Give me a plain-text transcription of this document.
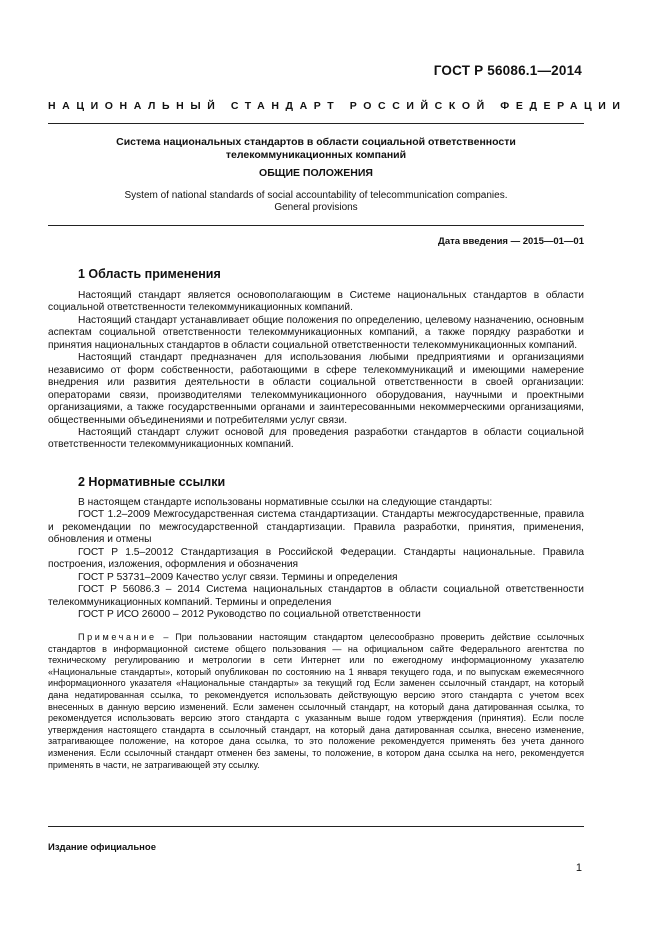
ГОСТ Р 56086.1—2014
НАЦИОНАЛЬНЫЙ СТАНДАРТ РОССИЙСКОЙ ФЕДЕРАЦИИ
Система национальных стандартов в области социальной ответственности
телекоммуникационных компаний
ОБЩИЕ ПОЛОЖЕНИЯ
System of national standards of social accountability of telecommunication companies.
General provisions
Дата введения — 2015—01—01
1 Область применения

Настоящий стандарт является основополагающим в Системе национальных стандартов в области социальной ответственности телекоммуникационных компаний.

Настоящий стандарт устанавливает общие положения по определению, целевому назначению, основным аспектам социальной ответственности телекоммуникационных компаний, а также порядку разработки и принятия национальных стандартов в области социальной ответственности телекоммуникационных компаний.

Настоящий стандарт предназначен для использования любыми предприятиями и организациями независимо от форм собственности, работающими в сфере телекоммуникаций и имеющими намерение внедрения или развития деятельности в области социальной ответственности в своей организации: операторами связи, производителями телекоммуникационного оборудования, научными и проектными организациями, а также государственными органами и заинтересованными некоммерческими организациями, общественными объединениями и потребителями услуг связи.

Настоящий стандарт служит основой для проведения разработки стандартов в области социальной ответственности телекоммуникационных компаний.

2 Нормативные ссылки

В настоящем стандарте использованы нормативные ссылки на следующие стандарты:

ГОСТ 1.2–2009 Межгосударственная система стандартизации. Стандарты межгосударственные, правила и рекомендации по межгосударственной стандартизации. Правила разработки, принятия, применения, обновления и отмены

ГОСТ Р 1.5–20012 Стандартизация в Российской Федерации. Стандарты национальные. Правила построения, изложения, оформления и обозначения

ГОСТ Р 53731–2009 Качество услуг связи. Термины и определения

ГОСТ Р 56086.3 – 2014 Система национальных стандартов в области социальной ответственности телекоммуникационных компаний. Термины и определения

ГОСТ Р ИСО 26000 – 2012 Руководство по социальной ответственности

Примечание – При пользовании настоящим стандартом целесообразно проверить действие ссылочных стандартов в информационной системе общего пользования — на официальном сайте Федерального агентства по техническому регулированию и метрологии в сети Интернет или по ежегодному информационному указателю «Национальные стандарты», который опубликован по состоянию на 1 января текущего года, и по выпускам ежемесячного информационного указателя «Национальные стандарты» за текущий год Если заменен ссылочный стандарт, на который дана недатированная ссылка, то рекомендуется использовать действующую версию этого стандарта с учетом всех внесенных в данную версию изменений. Если заменен ссылочный стандарт, на который дана датированная ссылка, то рекомендуется использовать версию этого стандарта с указанным выше годом утверждения (принятия). Если после утверждения настоящего стандарта в ссылочный стандарт, на который дана датированная ссылка, внесено изменение, затрагивающее положение, на которое дана ссылка, то это положение рекомендуется применять без учета данного изменения. Если ссылочный стандарт отменен без замены, то положение, в котором дана ссылка на него, рекомендуется применять в части, не затрагивающей эту ссылку.

Издание официальное
1
